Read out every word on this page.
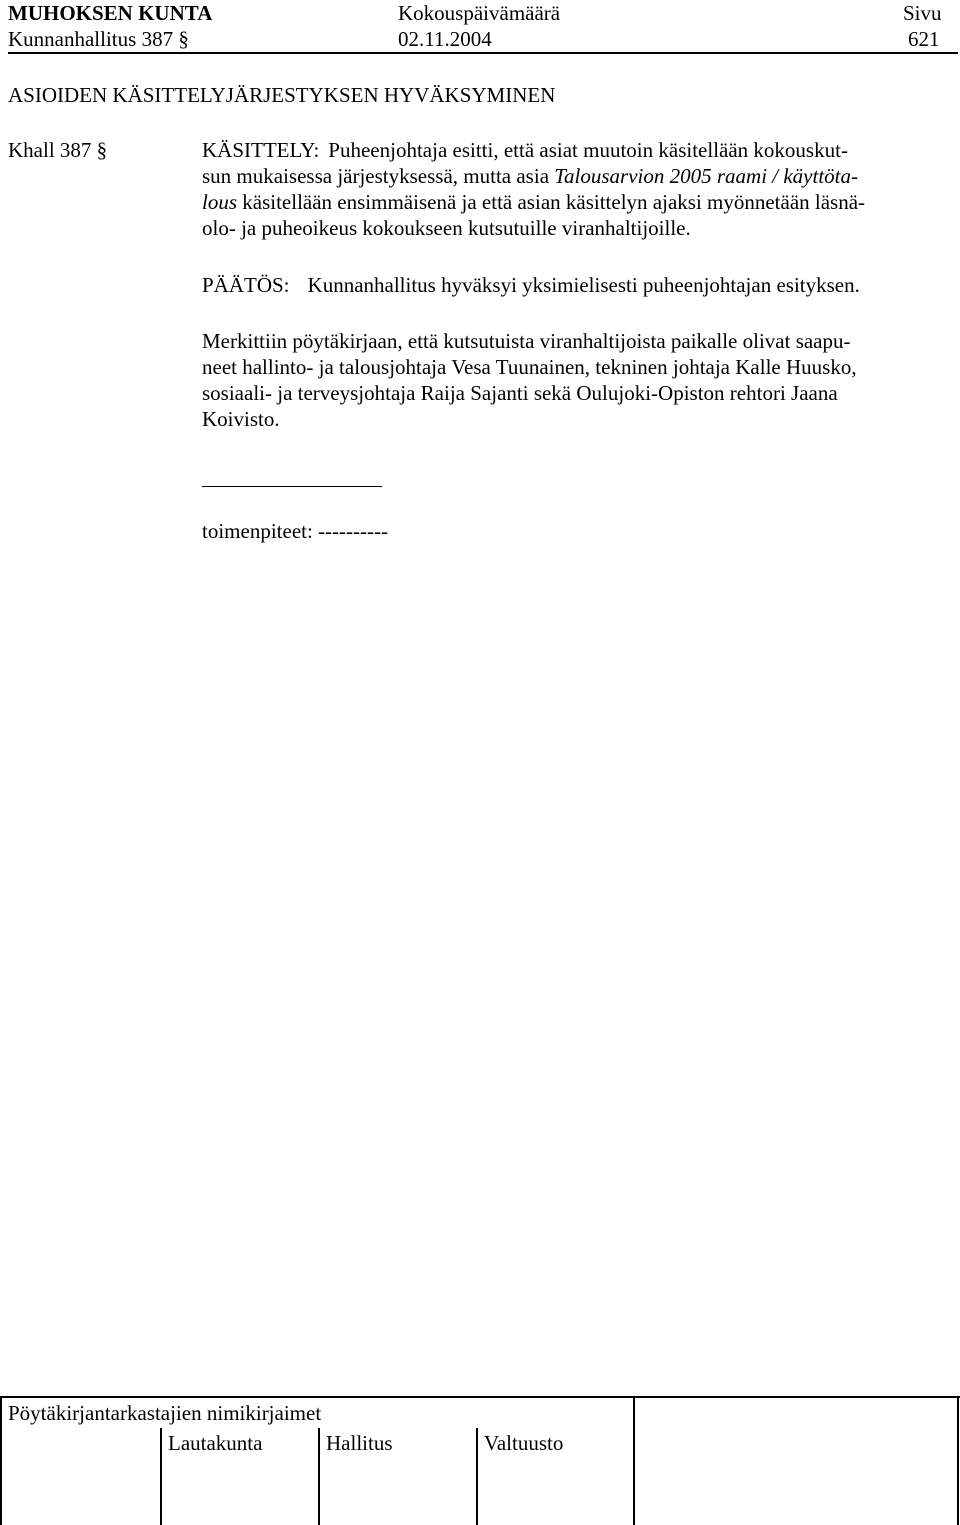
MUHOKSEN KUNTA	Kokouspäivämäärä	Sivu
Kunnanhallitus 387 §	02.11.2004	621
ASIOIDEN KÄSITTELYJÄRJESTYKSEN HYVÄKSYMINEN
Khall 387 §	KÄSITTELY: Puheenjohtaja esitti, että asiat muutoin käsitellään kokouskut-
sun mukaisessa järjestyksessä, mutta asia Talousarvion 2005 raami / käyttöta-
lous käsitellään ensimmäisenä ja että asian käsittelyn ajaksi myönnetään läsnä-
olo- ja puheoikeus kokoukseen kutsutuille viranhaltijoille.
PÄÄTÖS: Kunnanhallitus hyväksyi yksimielisesti puheenjohtajan esityksen.
Merkittiin pöytäkirjaan, että kutsutuista viranhaltijoista paikalle olivat saapu-
neet hallinto- ja talousjohtaja Vesa Tuunainen, tekninen johtaja Kalle Huusko,
sosiaali- ja terveysjohtaja Raija Sajanti sekä Oulujoki-Opiston rehtori Jaana
Koivisto.
toimenpiteet: ----------
Pöytäkirjantarkastajien nimikirjaimet
Lautakunta	Hallitus	Valtuusto
